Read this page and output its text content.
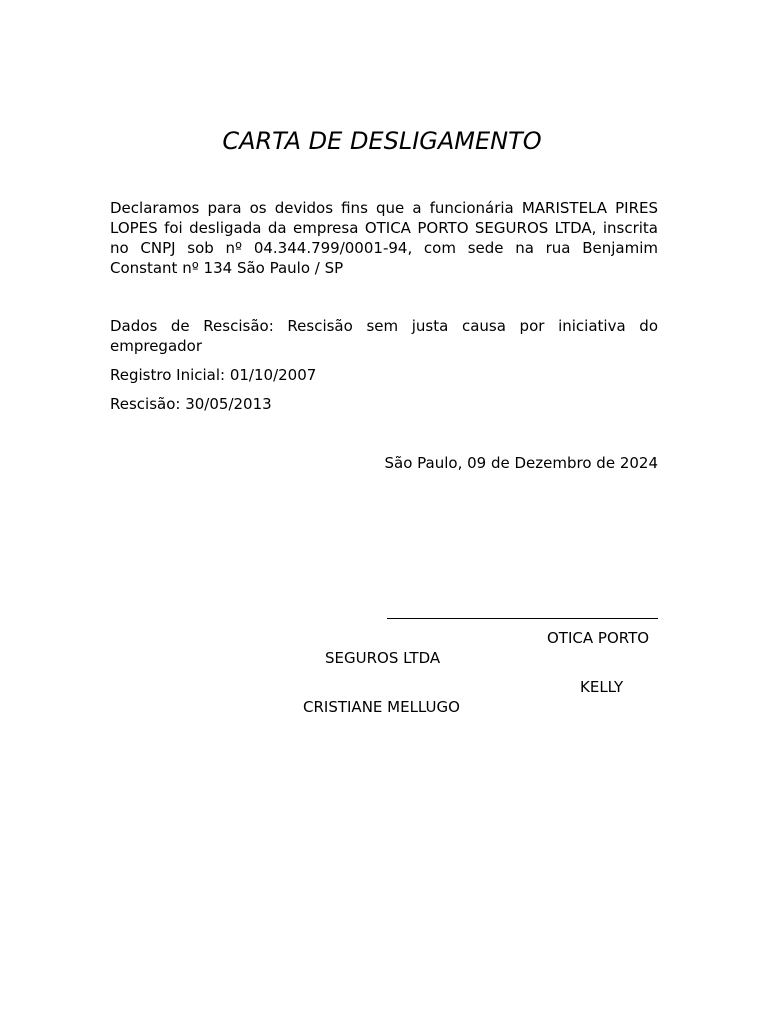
CARTA DE DESLIGAMENTO

Declaramos para os devidos fins que a funcionária MARISTELA PIRES LOPES foi desligada da empresa OTICA PORTO SEGUROS LTDA, inscrita no CNPJ sob nº 04.344.799/0001-94, com sede na rua Benjamim Constant nº 134 São Paulo / SP

Dados de Rescisão: Rescisão sem justa causa por iniciativa do empregador

Registro Inicial: 01/10/2007

Rescisão: 30/05/2013

São Paulo, 09 de Dezembro de 2024

OTICA PORTO

SEGUROS LTDA

KELLY

CRISTIANE MELLUGO
